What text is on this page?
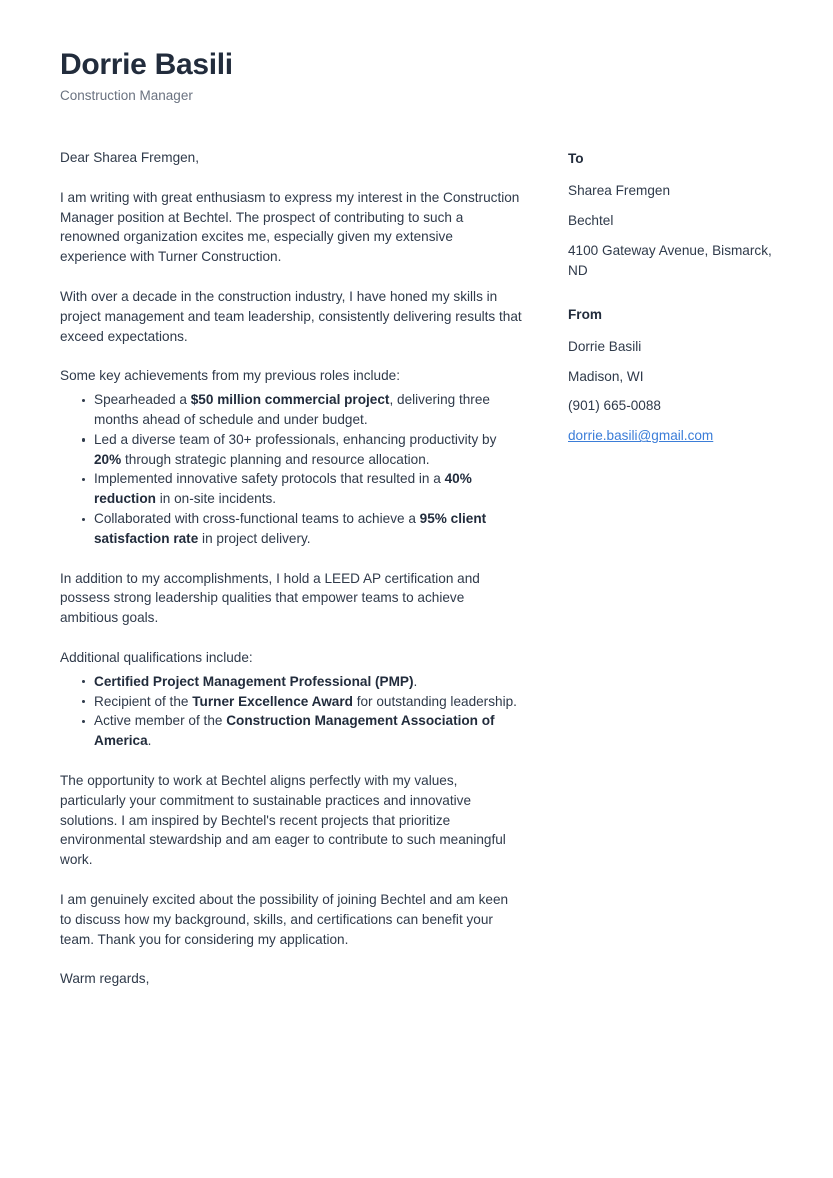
Dorrie Basili

Construction Manager

Dear Sharea Fremgen,

I am writing with great enthusiasm to express my interest in the Construction Manager position at Bechtel. The prospect of contributing to such a renowned organization excites me, especially given my extensive experience with Turner Construction.

With over a decade in the construction industry, I have honed my skills in project management and team leadership, consistently delivering results that exceed expectations.

Some key achievements from my previous roles include:

Spearheaded a $50 million commercial project, delivering three months ahead of schedule and under budget.
Led a diverse team of 30+ professionals, enhancing productivity by 20% through strategic planning and resource allocation.
Implemented innovative safety protocols that resulted in a 40% reduction in on-site incidents.
Collaborated with cross-functional teams to achieve a 95% client satisfaction rate in project delivery.

In addition to my accomplishments, I hold a LEED AP certification and possess strong leadership qualities that empower teams to achieve ambitious goals.

Additional qualifications include:

Certified Project Management Professional (PMP).
Recipient of the Turner Excellence Award for outstanding leadership.
Active member of the Construction Management Association of America.

The opportunity to work at Bechtel aligns perfectly with my values, particularly your commitment to sustainable practices and innovative solutions. I am inspired by Bechtel's recent projects that prioritize environmental stewardship and am eager to contribute to such meaningful work.

I am genuinely excited about the possibility of joining Bechtel and am keen to discuss how my background, skills, and certifications can benefit your team. Thank you for considering my application.

Warm regards,

To

Sharea Fremgen

Bechtel

4100 Gateway Avenue, Bismarck, ND

From

Dorrie Basili

Madison, WI

(901) 665-0088

dorrie.basili@gmail.com
